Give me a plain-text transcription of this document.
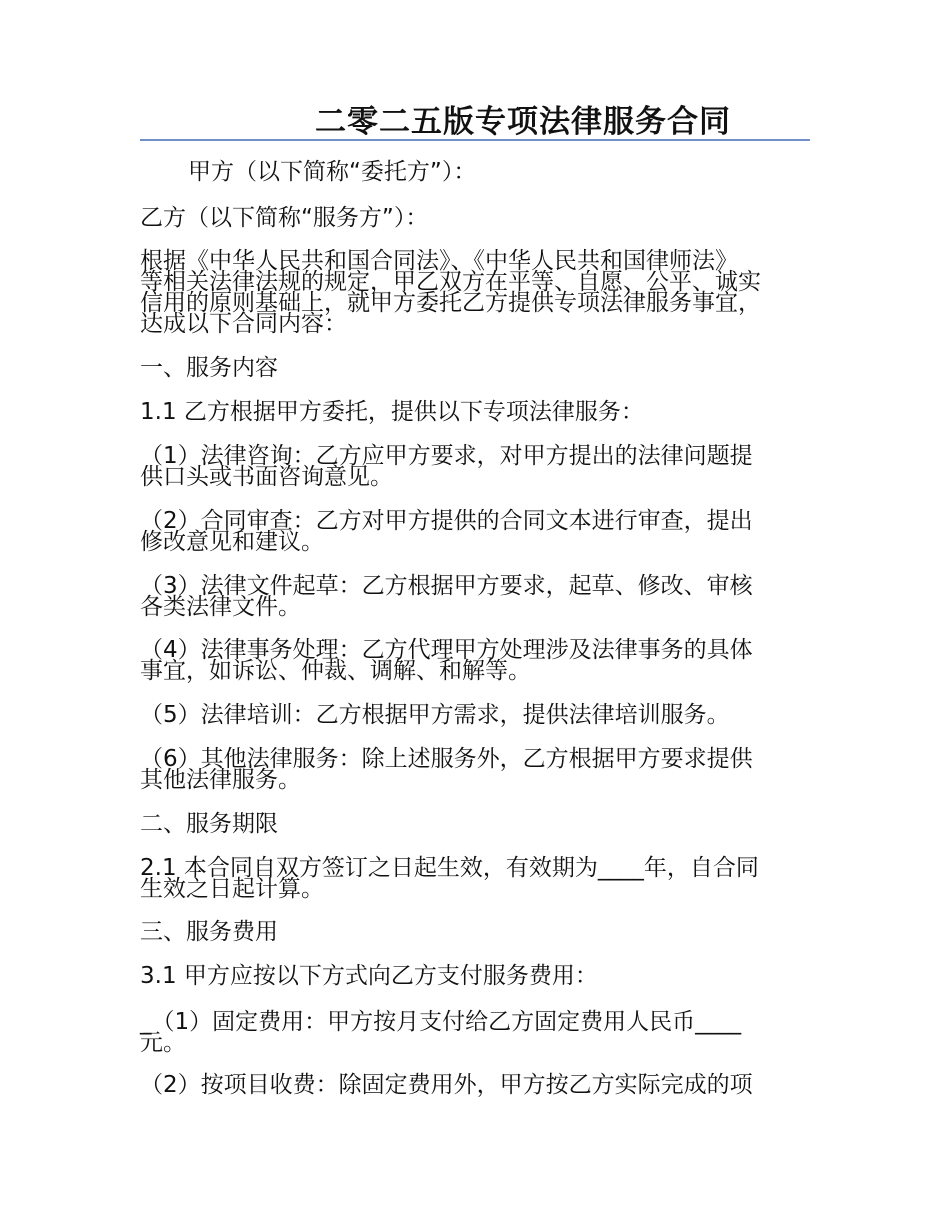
二零二五版专项法律服务合同
甲方（以下简称“委托方”）：
乙方（以下简称“服务方”）：
根据《中华人民共和国合同法》、《中华人民共和国律师法》
等相关法律法规的规定，甲乙双方在平等、自愿、公平、诚实
信用的原则基础上，就甲方委托乙方提供专项法律服务事宜，
达成以下合同内容：
一、服务内容
1.1 乙方根据甲方委托，提供以下专项法律服务：
（1）法律咨询：乙方应甲方要求，对甲方提出的法律问题提
供口头或书面咨询意见。
（2）合同审查：乙方对甲方提供的合同文本进行审查，提出
修改意见和建议。
（3）法律文件起草：乙方根据甲方要求，起草、修改、审核
各类法律文件。
（4）法律事务处理：乙方代理甲方处理涉及法律事务的具体
事宜，如诉讼、仲裁、调解、和解等。
（5）法律培训：乙方根据甲方需求，提供法律培训服务。
（6）其他法律服务：除上述服务外，乙方根据甲方要求提供
其他法律服务。
二、服务期限
2.1 本合同自双方签订之日起生效，有效期为____年，自合同
生效之日起计算。
三、服务费用
3.1 甲方应按以下方式向乙方支付服务费用：
_（1）固定费用：甲方按月支付给乙方固定费用人民币____
元。
（2）按项目收费：除固定费用外，甲方按乙方实际完成的项
